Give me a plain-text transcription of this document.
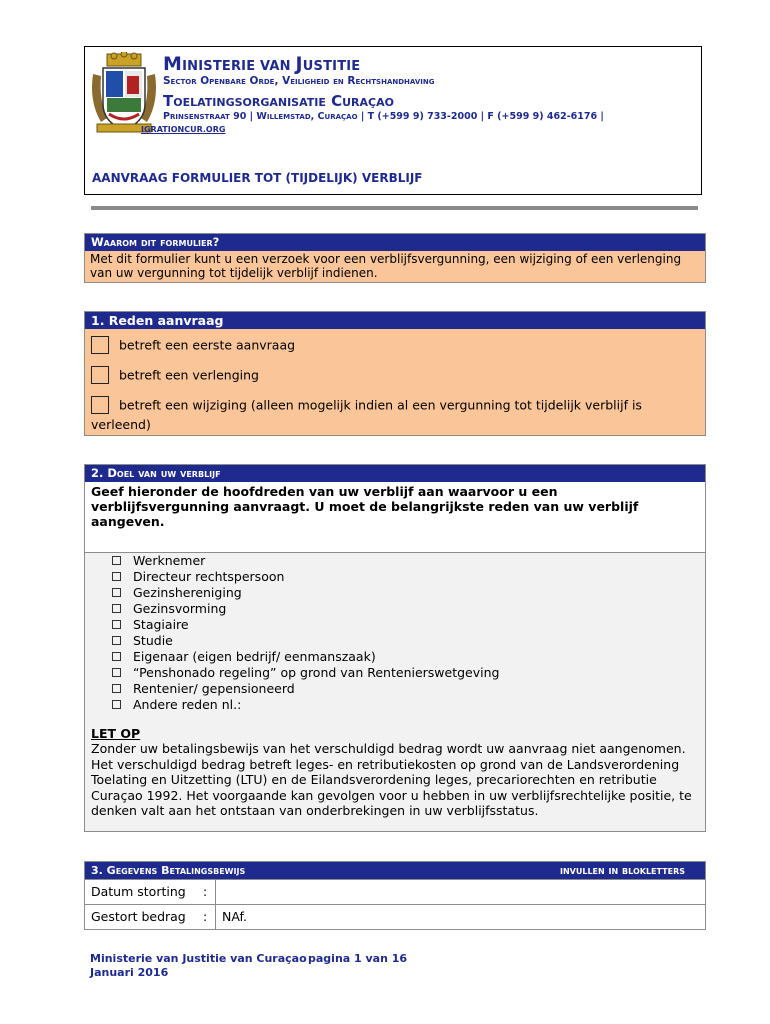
MINISTERIE VAN JUSTITIE
Sector Openbare Orde, Veiligheid en Rechtshandhaving
Toelatingsorganisatie Curaçao
Prinsenstraat 90 | Willemstad, Curaçao | T (+599 9) 733-2000 | F (+599 9) 462-6176 |
IGRATIONCUR.ORG
AANVRAAG FORMULIER TOT (TIJDELIJK) VERBLIJF
Waarom dit formulier?
Met dit formulier kunt u een verzoek voor een verblijfsvergunning, een wijziging of een verlenging van uw vergunning tot tijdelijk verblijf indienen.
1. Reden aanvraag
betreft een eerste aanvraag
betreft een verlenging
betreft een wijziging (alleen mogelijk indien al een vergunning tot tijdelijk verblijf is
verleend)
2. Doel van uw verblijf
Geef hieronder de hoofdreden van uw verblijf aan waarvoor u een verblijfsvergunning aanvraagt. U moet de belangrijkste reden van uw verblijf aangeven.
Werknemer
Directeur rechtspersoon
Gezinshereniging
Gezinsvorming
Stagiaire
Studie
Eigenaar (eigen bedrijf/ eenmanszaak)
“Penshonado regeling” op grond van Rentenierswetgeving
Rentenier/ gepensioneerd
Andere reden nl.:
LET OP
Zonder uw betalingsbewijs van het verschuldigd bedrag wordt uw aanvraag niet aangenomen. Het verschuldigd bedrag betreft leges- en retributiekosten op grond van de Landsverordening Toelating en Uitzetting (LTU) en de Eilandsverordening leges, precariorechten en retributie Curaçao 1992. Het voorgaande kan gevolgen voor u hebben in uw verblijfsrechtelijke positie, te denken valt aan het ontstaan van onderbrekingen in uw verblijfsstatus.
3. Gegevens Betalingsbewijs	invullen in blokletters
Datum storting	:
Gestort bedrag	:	NAf.
Ministerie van Justitie van Curaçao
Januari 2016
pagina 1 van 16
